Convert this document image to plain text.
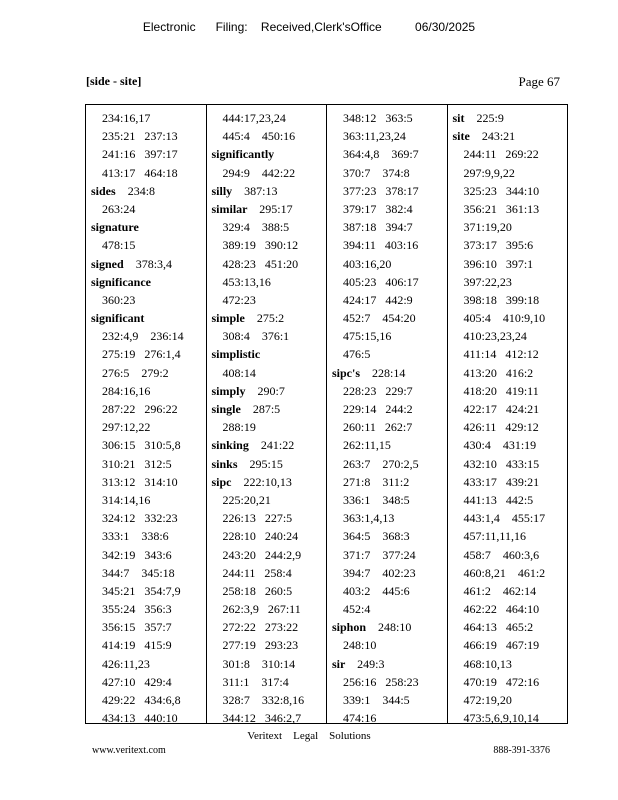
Electronic      Filing:    Received,Clerk'sOffice          06/30/2025
[side - site]	Page 67
234:16,17
235:21   237:13
241:16   397:17
413:17   464:18
sides 234:8
263:24
signature
478:15
signed 378:3,4
significance
360:23
significant
232:4,9    236:14
275:19   276:1,4
276:5    279:2
284:16,16
287:22   296:22
297:12,22
306:15   310:5,8
310:21   312:5
313:12   314:10
314:14,16
324:12   332:23
333:1    338:6
342:19   343:6
344:7    345:18
345:21   354:7,9
355:24   356:3
356:15   357:7
414:19   415:9
426:11,23
427:10   429:4
429:22   434:6,8
434:13   440:10
444:17,23,24
445:4    450:16
significantly
294:9    442:22
silly 387:13
similar 295:17
329:4    388:5
389:19   390:12
428:23   451:20
453:13,16
472:23
simple 275:2
308:4    376:1
simplistic
408:14
simply 290:7
single 287:5
288:19
sinking 241:22
sinks 295:15
sipc 222:10,13
225:20,21
226:13   227:5
228:10   240:24
243:20   244:2,9
244:11   258:4
258:18   260:5
262:3,9   267:11
272:22   273:22
277:19   293:23
301:8    310:14
311:1    317:4
328:7    332:8,16
344:12   346:2,7
348:12   363:5
363:11,23,24
364:4,8    369:7
370:7    374:8
377:23   378:17
379:17   382:4
387:18   394:7
394:11   403:16
403:16,20
405:23   406:17
424:17   442:9
452:7    454:20
475:15,16
476:5
sipc's 228:14
228:23   229:7
229:14   244:2
260:11   262:7
262:11,15
263:7    270:2,5
271:8    311:2
336:1    348:5
363:1,4,13
364:5    368:3
371:7    377:24
394:7    402:23
403:2    445:6
452:4
siphon 248:10
248:10
sir 249:3
256:16   258:23
339:1    344:5
474:16
sit 225:9
site 243:21
244:11   269:22
297:9,9,22
325:23   344:10
356:21   361:13
371:19,20
373:17   395:6
396:10   397:1
397:22,23
398:18   399:18
405:4    410:9,10
410:23,23,24
411:14   412:12
413:20   416:2
418:20   419:11
422:17   424:21
426:11   429:12
430:4    431:19
432:10   433:15
433:17   439:21
441:13   442:5
443:1,4    455:17
457:11,11,16
458:7    460:3,6
460:8,21    461:2
461:2    462:14
462:22   464:10
464:13   465:2
466:19   467:19
468:10,13
470:19   472:16
472:19,20
473:5,6,9,10,14
Veritext    Legal    Solutions
www.veritext.com	888-391-3376
